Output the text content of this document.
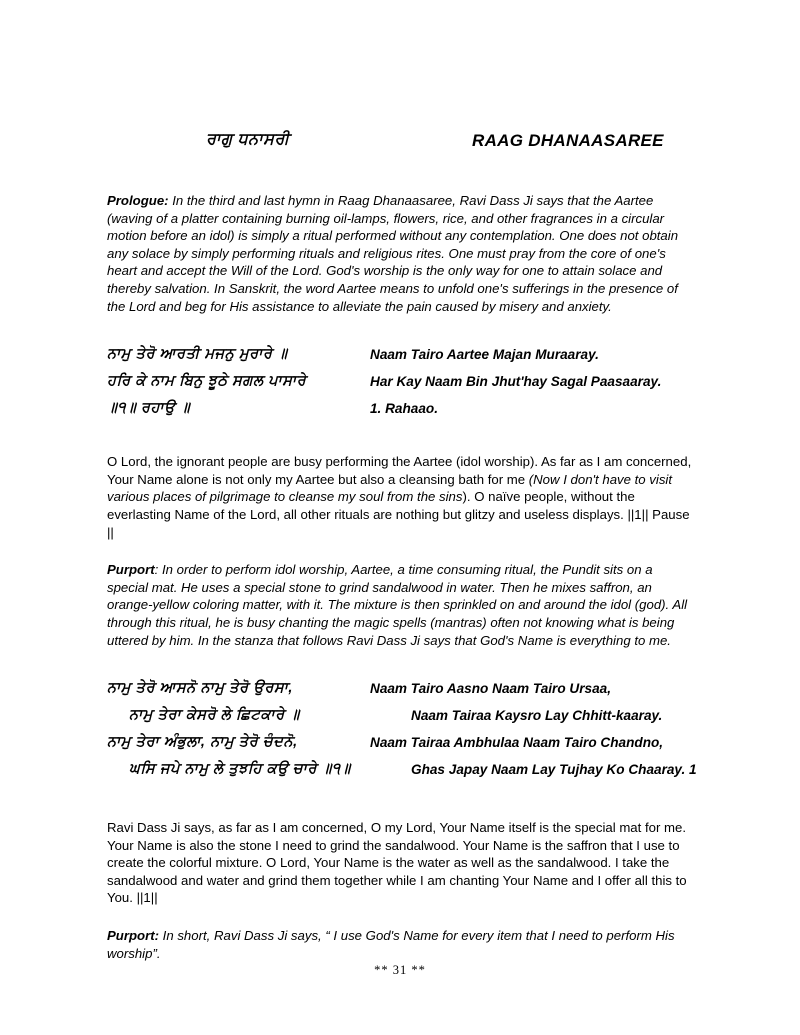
ਰਾਗੁ ਧਨਾਸਰੀ	RAAG DHANAASAREE

Prologue: In the third and last hymn in Raag Dhanaasaree, Ravi Dass Ji says that the Aartee (waving of a platter containing burning oil-lamps, flowers, rice, and other fragrances in a circular motion before an idol) is simply a ritual performed without any contemplation. One does not obtain any solace by simply performing rituals and religious rites. One must pray from the core of one's heart and accept the Will of the Lord. God's worship is the only way for one to attain solace and thereby salvation. In Sanskrit, the word Aartee means to unfold one's sufferings in the presence of the Lord and beg for His assistance to alleviate the pain caused by misery and anxiety.

ਨਾਮੁ ਤੇਰੋ ਆਰਤੀ ਮਜਨੁ ਮੁਰਾਰੇ ॥	Naam Tairo Aartee Majan Muraaray.
ਹਰਿ ਕੇ ਨਾਮ ਬਿਨੁ ਝੂਠੇ ਸਗਲ ਪਾਸਾਰੇ	Har Kay Naam Bin Jhut'hay Sagal Paasaaray.
॥੧॥ ਰਹਾਉ ॥	1. Rahaao.

O Lord, the ignorant people are busy performing the Aartee (idol worship). As far as I am concerned, Your Name alone is not only my Aartee but also a cleansing bath for me (Now I don't have to visit various places of pilgrimage to cleanse my soul from the sins). O naïve people, without the everlasting Name of the Lord, all other rituals are nothing but glitzy and useless displays. ||1|| Pause ||

Purport: In order to perform idol worship, Aartee, a time consuming ritual, the Pundit sits on a special mat. He uses a special stone to grind sandalwood in water. Then he mixes saffron, an orange-yellow coloring matter, with it. The mixture is then sprinkled on and around the idol (god). All through this ritual, he is busy chanting the magic spells (mantras) often not knowing what is being uttered by him. In the stanza that follows Ravi Dass Ji says that God's Name is everything to me.

ਨਾਮੁ ਤੇਰੋ ਆਸਨੋ ਨਾਮੁ ਤੇਰੋ ਉਰਸਾ,	Naam Tairo Aasno Naam Tairo Ursaa,
ਨਾਮੁ ਤੇਰਾ ਕੇਸਰੋ ਲੇ ਛਿਟਕਾਰੇ ॥	Naam Tairaa Kaysro Lay Chhitt-kaaray.
ਨਾਮੁ ਤੇਰਾ ਅੰਭੁਲਾ, ਨਾਮੁ ਤੇਰੋ ਚੰਦਨੋ,	Naam Tairaa Ambhulaa Naam Tairo Chandno,
ਘਸਿ ਜਪੇ ਨਾਮੁ ਲੇ ਤੁਝਹਿ ਕਉ ਚਾਰੇ ॥੧॥	Ghas Japay Naam Lay Tujhay Ko Chaaray. 1

Ravi Dass Ji says, as far as I am concerned, O my Lord, Your Name itself is the special mat for me. Your Name is also the stone I need to grind the sandalwood. Your Name is the saffron that I use to create the colorful mixture. O Lord, Your Name is the water as well as the sandalwood. I take the sandalwood and water and grind them together while I am chanting Your Name and I offer all this to You. ||1||

Purport: In short, Ravi Dass Ji says, “ I use God's Name for every item that I need to perform His worship”.

** 31 **
